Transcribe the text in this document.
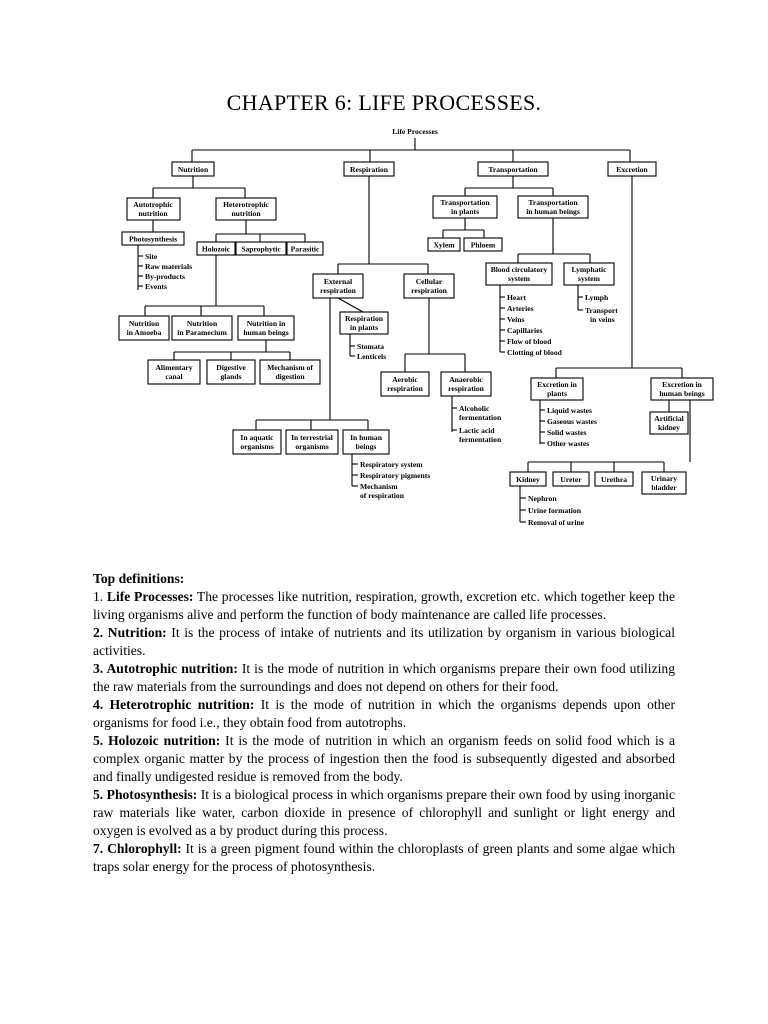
CHAPTER 6: LIFE PROCESSES.
Life Processes
Nutrition	Respiration	Transportation	Excretion
Autotrophic
nutrition
Heterotrophic
nutrition
Photosynthesis
Site
Raw materials
By-products
Events
Holozoic Saprophytic Parasitic
Nutrition
in Amoeba
Nutrition
in Paramecium
Nutrition in
human beings
Alimentary
canal
Digestive
glands
Mechanism of
digestion
External
respiration
Cellular
respiration
Respiration
in plants
Stomata
Lenticels
In aquatic
organisms
In terrestrial
organisms
In human
beings
Respiratory system
Respiratory pigments
Mechanism
of respiration
Aerobic
respiration
Anaerobic
respiration
Alcoholic
fermentation
Lactic acid
fermentation
Transportation
in plants
Transportation
in human beings
Xylem Phloem
Blood circulatory
system
Lymphatic
system
Heart
Arteries
Veins
Capillaries
Flow of blood
Clotting of blood
Lymph
Transport
in veins
Excretion in
plants
Excretion in
human beings
Liquid wastes
Gaseous wastes
Solid wastes
Other wastes
Artificial
kidney
Kidney	Ureter	Urethra	Urinary
bladder
Nephron
Urine formation
Removal of urine

Top definitions:

1. Life Processes: The processes like nutrition, respiration, growth, excretion etc. which together keep the living organisms alive and perform the function of body maintenance are called life processes.

2. Nutrition: It is the process of intake of nutrients and its utilization by organism in various biological activities.

3. Autotrophic nutrition: It is the mode of nutrition in which organisms prepare their own food utilizing the raw materials from the surroundings and does not depend on others for their food.

4. Heterotrophic nutrition: It is the mode of nutrition in which the organisms depends upon other organisms for food i.e., they obtain food from autotrophs.

5. Holozoic nutrition: It is the mode of nutrition in which an organism feeds on solid food which is a complex organic matter by the process of ingestion then the food is subsequently digested and absorbed and finally undigested residue is removed from the body.

5. Photosynthesis: It is a biological process in which organisms prepare their own food by using inorganic raw materials like water, carbon dioxide in presence of chlorophyll and sunlight or light energy and oxygen is evolved as a by product during this process.

7. Chlorophyll: It is a green pigment found within the chloroplasts of green plants and some algae which traps solar energy for the process of photosynthesis.
